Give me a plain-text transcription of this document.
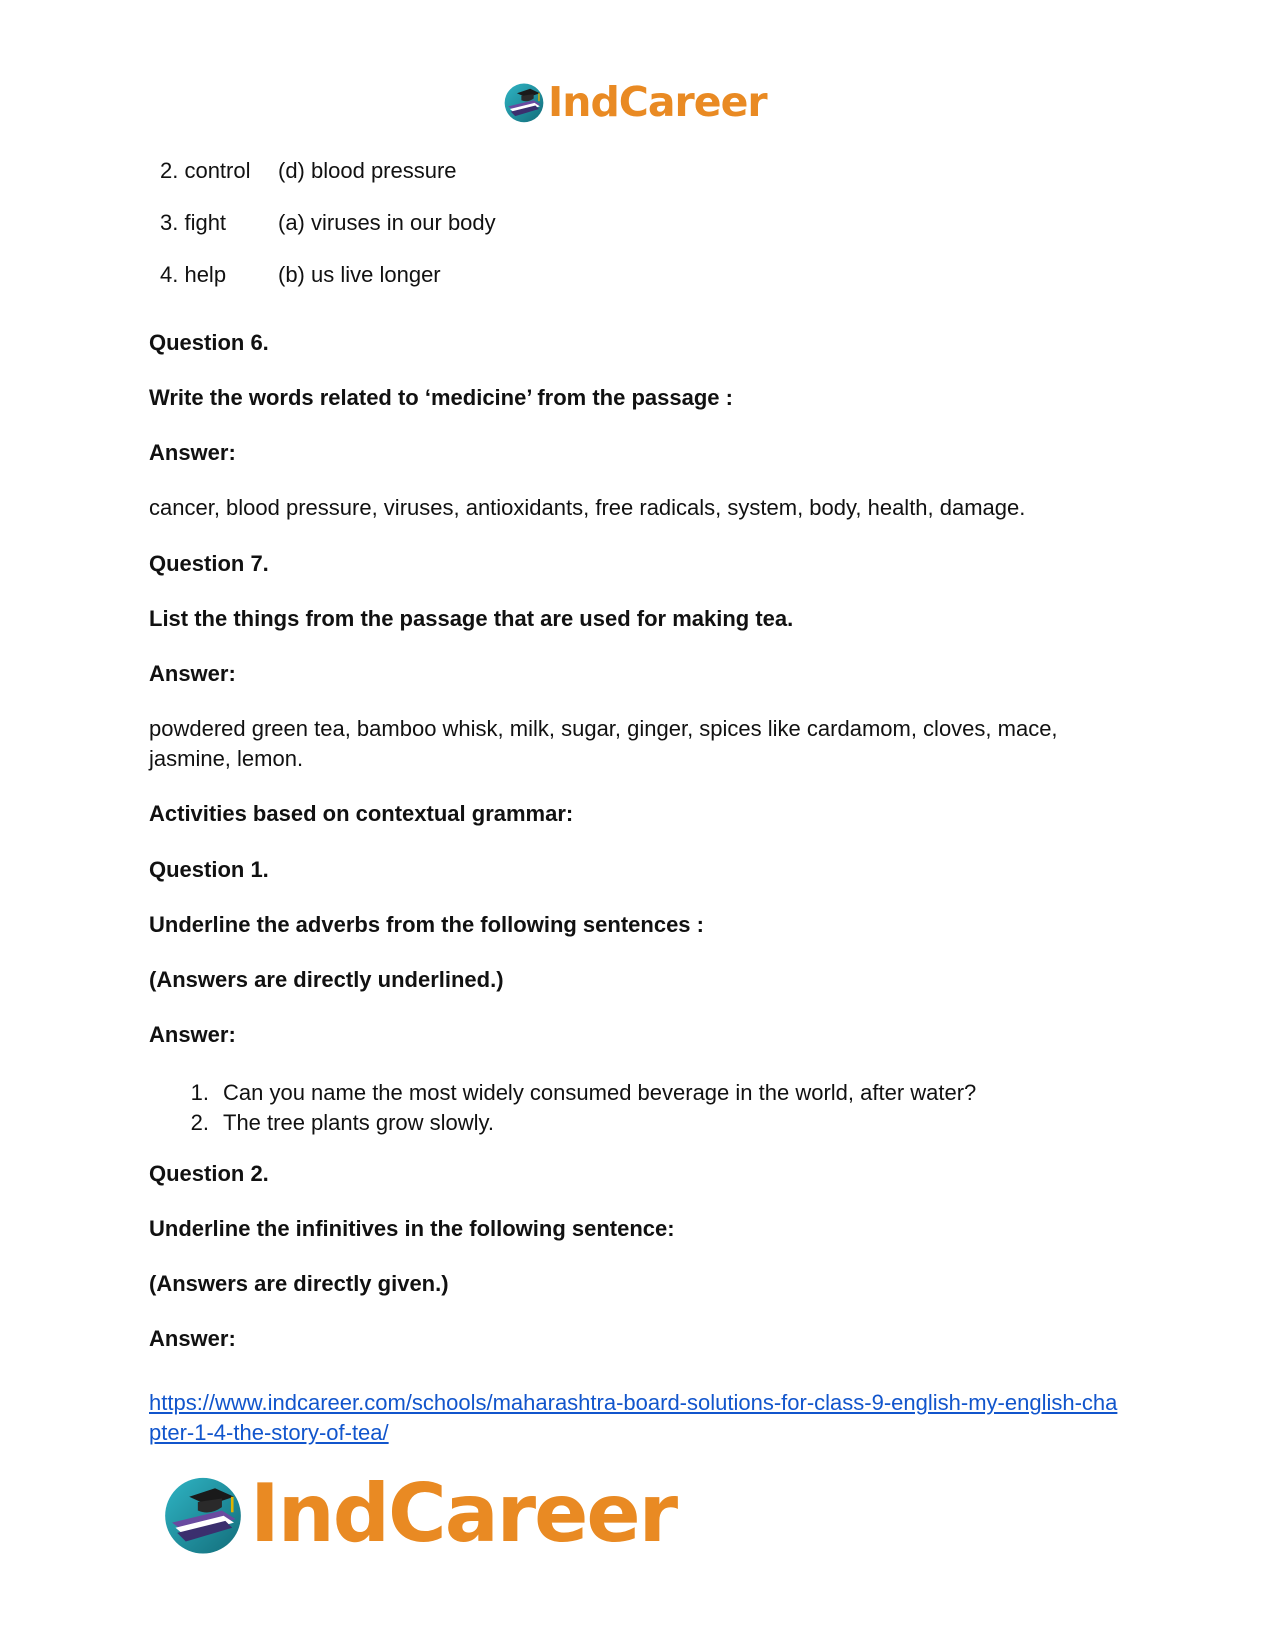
IndCareer
2. control (d) blood pressure
3. fight (a) viruses in our body
4. help (b) us live longer
Question 6.
Write the words related to ‘medicine’ from the passage :
Answer:
cancer, blood pressure, viruses, antioxidants, free radicals, system, body, health, damage.
Question 7.
List the things from the passage that are used for making tea.
Answer:
powdered green tea, bamboo whisk, milk, sugar, ginger, spices like cardamom, cloves, mace, jasmine, lemon.
Activities based on contextual grammar:
Question 1.
Underline the adverbs from the following sentences :
(Answers are directly underlined.)
Answer:
1. Can you name the most widely consumed beverage in the world, after water?
2. The tree plants grow slowly.
Question 2.
Underline the infinitives in the following sentence:
(Answers are directly given.)
Answer:
https://www.indcareer.com/schools/maharashtra-board-solutions-for-class-9-english-my-english-chapter-1-4-the-story-of-tea/
IndCareer
